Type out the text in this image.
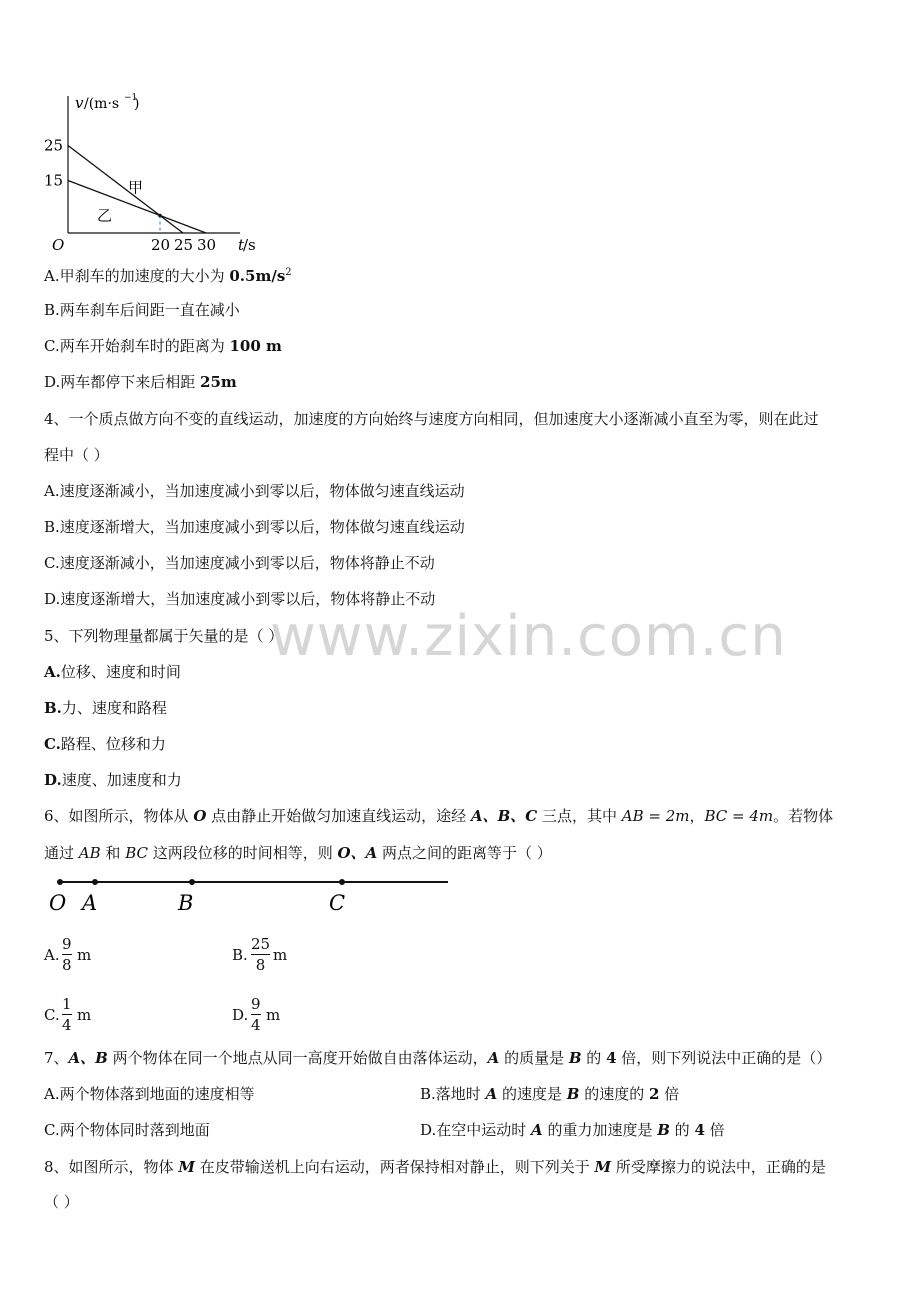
www.zixin.com.cn
v /(m·s −1
)
O
甲
乙
25
15
20 25 30 t
/s
A.甲刹车的加速度的大小为 $0.5m/s^2$
B.两车刹车后间距一直在减小
C.两车开始刹车时的距离为 100 m
D.两车都停下来后相距 25m
4、一个质点做方向不变的直线运动，加速度的方向始终与速度方向相同，但加速度大小逐渐减小直至为零，则在此过
程中（ ）
A.速度逐渐减小，当加速度减小到零以后，物体做匀速直线运动
B.速度逐渐增大，当加速度减小到零以后，物体做匀速直线运动
C.速度逐渐减小，当加速度减小到零以后，物体将静止不动
D.速度逐渐增大，当加速度减小到零以后，物体将静止不动
5、下列物理量都属于矢量的是（ ）
A.位移、速度和时间
B.力、速度和路程
C.路程、位移和力
D.速度、加速度和力
6、如图所示，物体从 O 点由静止开始做匀加速直线运动，途经 A、B、C 三点，其中 AB = 2m，BC = 4m。若物体
通过 AB 和 BC 这两段位移的时间相等，则 O、A 两点之间的距离等于（ ）
O A	B	C
A.
9
8
m	B.
25
8
m
C.
1
4
m	D.
9
4
m
7、A、B 两个物体在同一个地点从同一高度开始做自由落体运动，A 的质量是 B 的 4 倍，则下列说法中正确的是（）
A.两个物体落到地面的速度相等	B.落地时 A 的速度是 B 的速度的 2 倍
C.两个物体同时落到地面	D.在空中运动时 A 的重力加速度是 B 的 4 倍
8、如图所示，物体 M 在皮带输送机上向右运动，两者保持相对静止，则下列关于 M 所受摩擦力的说法中，正确的是
（ ）
